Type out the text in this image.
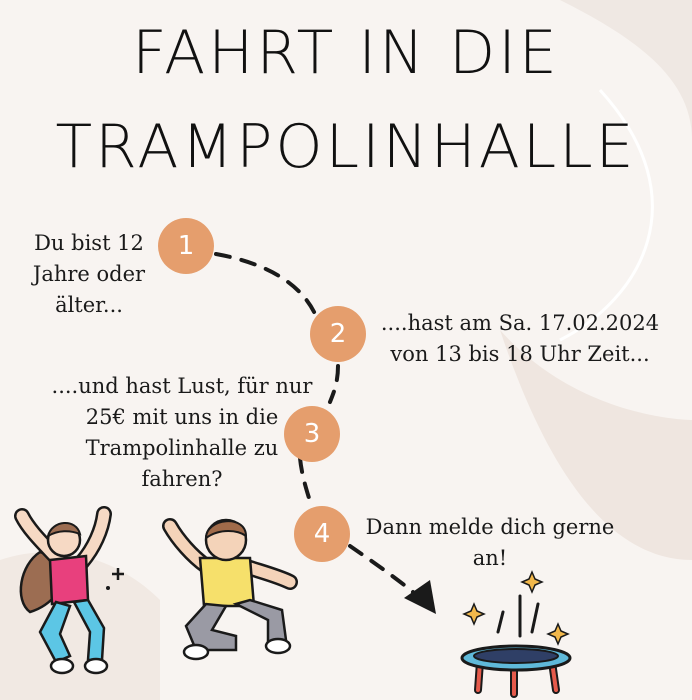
FAHRT IN DIE
TRAMPOLINHALLE
1
Du bist 12
Jahre oder
älter...
2	....hast am Sa. 17.02.2024
von 13 bis 18 Uhr Zeit...
3
....und hast Lust, für nur
25€ mit uns in die
Trampolinhalle zu
fahren?
4	Dann melde dich gerne
an!
